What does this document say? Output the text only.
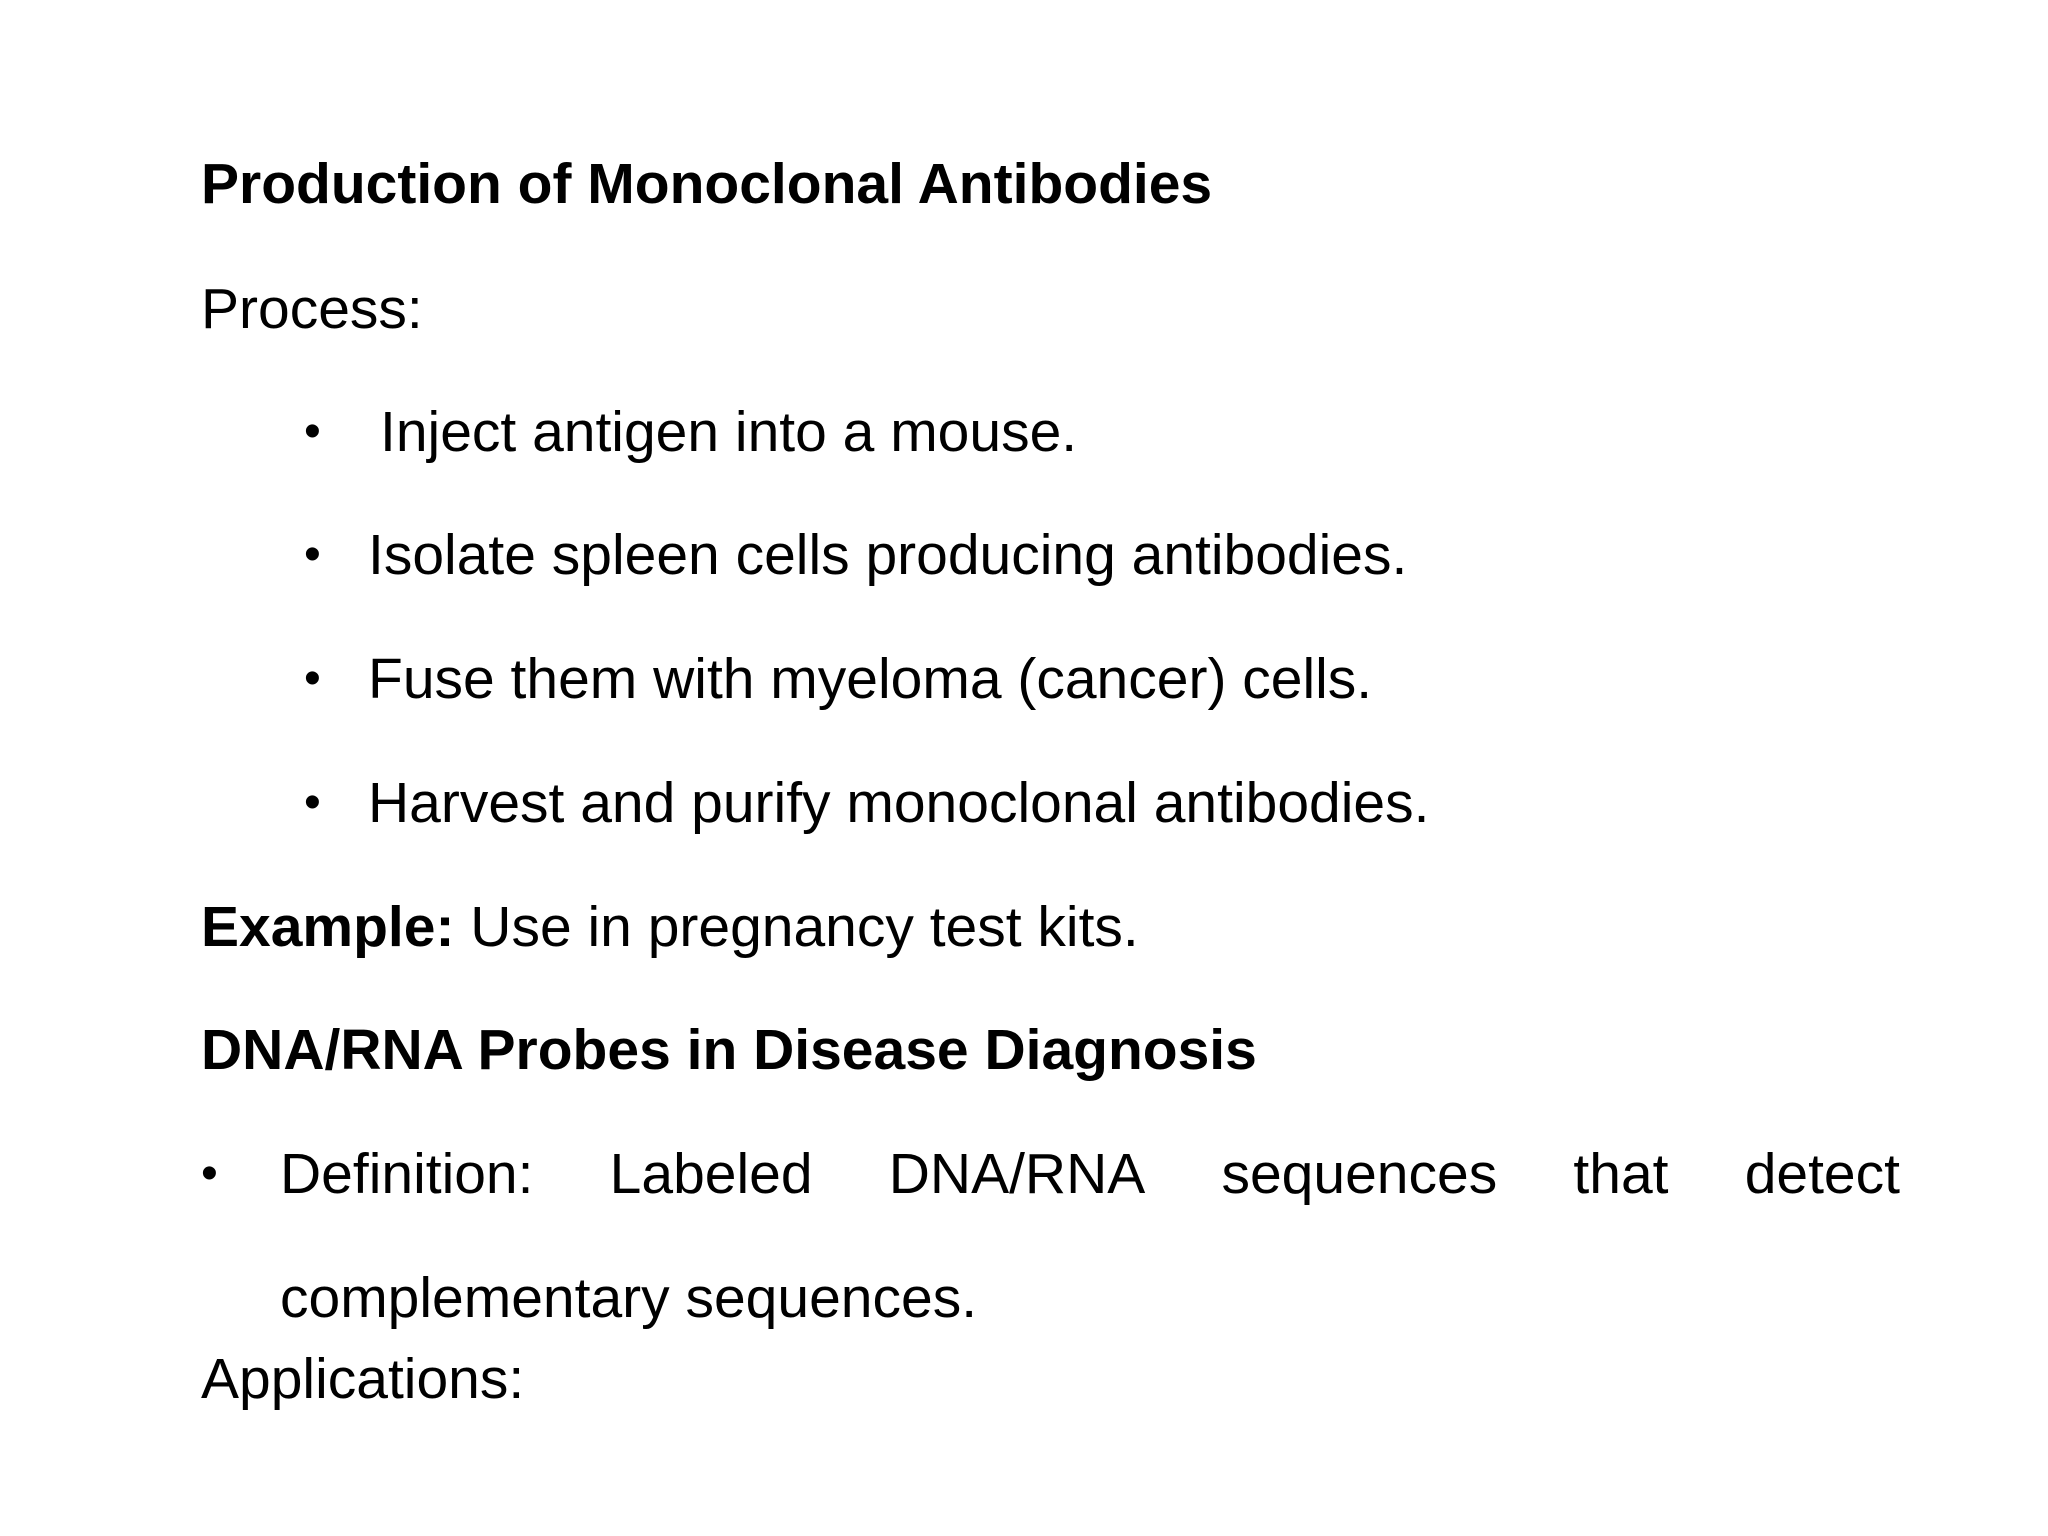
Production of Monoclonal Antibodies
Process:
• Inject antigen into a mouse.
• Isolate spleen cells producing antibodies.
• Fuse them with myeloma (cancer) cells.
• Harvest and purify monoclonal antibodies.
Example: Use in pregnancy test kits.
DNA/RNA Probes in Disease Diagnosis
• Definition: Labeled DNA/RNA sequences that detect
complementary sequences.
Applications:
